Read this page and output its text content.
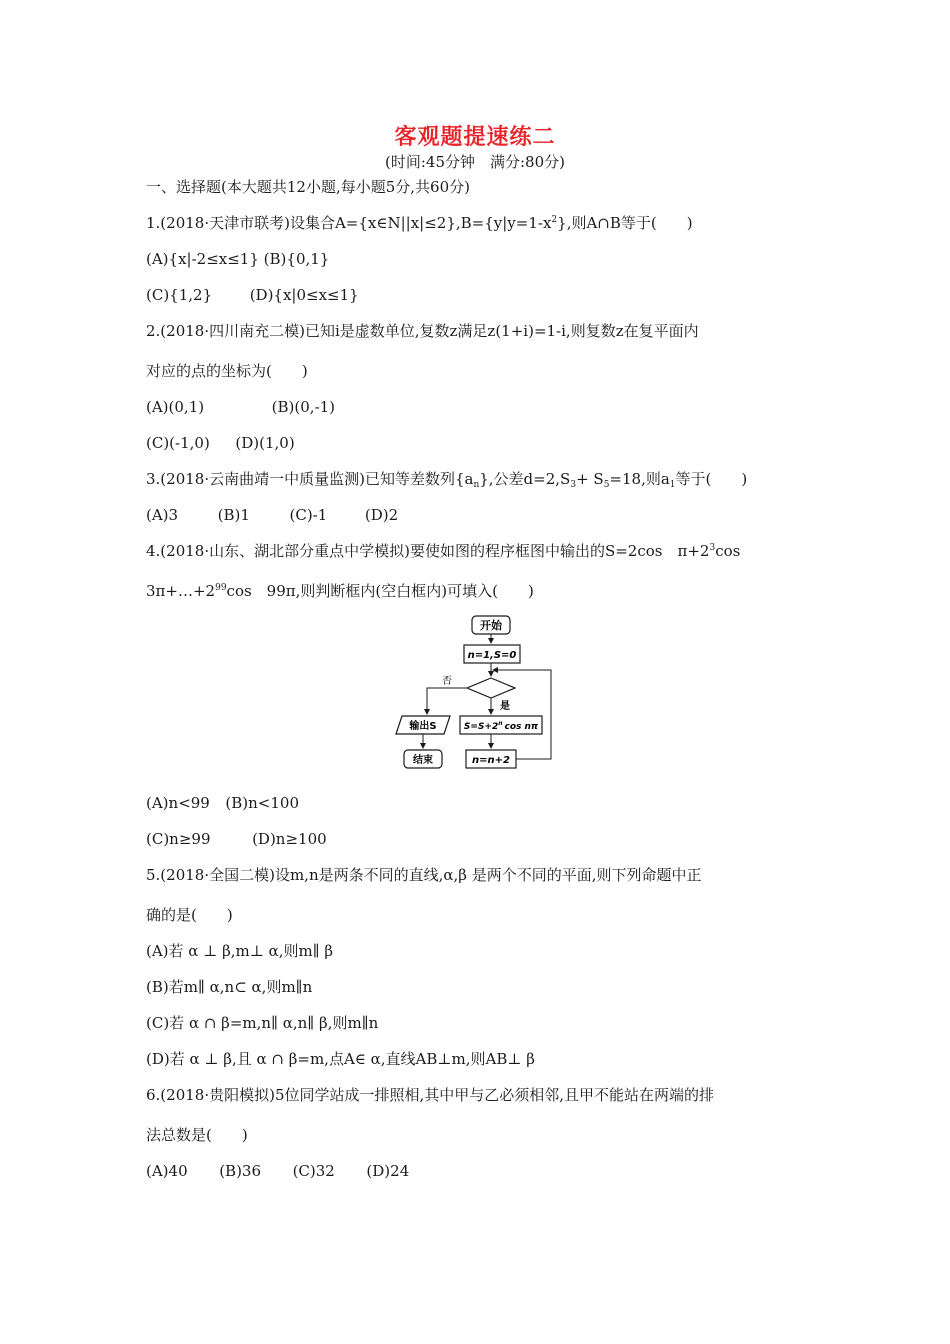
客观题提速练二
(时间:45分钟　满分:80分)
一、选择题(本大题共12小题,每小题5分,共60分)
1.(2018·天津市联考)设集合$A=\{x\in N||x|\le 2\},B=\{y|y=1-x^2\}$,则A∩B等于(　　)
(A){x|-2≤x≤1} (B){0,1}
(C){1,2}	(D){x|0≤x≤1}
2.(2018·四川南充二模)已知i是虚数单位,复数z满足z(1+i)=1-i,则复数z在复平面内
对应的点的坐标为(　　)
(A)(0,1)	(B)(0,-1)
(C)(-1,0) (D)(1,0)
3.(2018·云南曲靖一中质量监测)已知等差数列$\{a_n\}$,公差$d=2,S_3+ S_5=18$,则$a_1$等于(　　)
(A)3	(B)1	(C)-1	(D)2
4.(2018·山东、湖北部分重点中学模拟)要使如图的程序框图中输出的S=2cos　$\pi+2^3\cos$
$3\pi+\dots+2^{99}\cos$　99π,则判断框内(空白框内)可填入(　　)
开始
n=1,S=0
否
输出S
结束
是
$S=S+2^n$ cos nπ
n=n+2
(A)n<99 (B)n<100
(C)n≥99	(D)n≥100
5.(2018·全国二模)设m,n是两条不同的直线,α,β 是两个不同的平面,则下列命题中正
确的是(　　)
(A)若 α ⊥ β,m⊥ α,则m∥ β
(B)若m∥ α,n⊂ α,则m∥n
(C)若 α ∩ β=m,n∥ α,n∥ β,则m∥n
(D)若 α ⊥ β,且 α ∩ β=m,点A∈ α,直线AB⊥m,则AB⊥ β
6.(2018·贵阳模拟)5位同学站成一排照相,其中甲与乙必须相邻,且甲不能站在两端的排
法总数是(　　)
(A)40 (B)36 (C)32 (D)24
